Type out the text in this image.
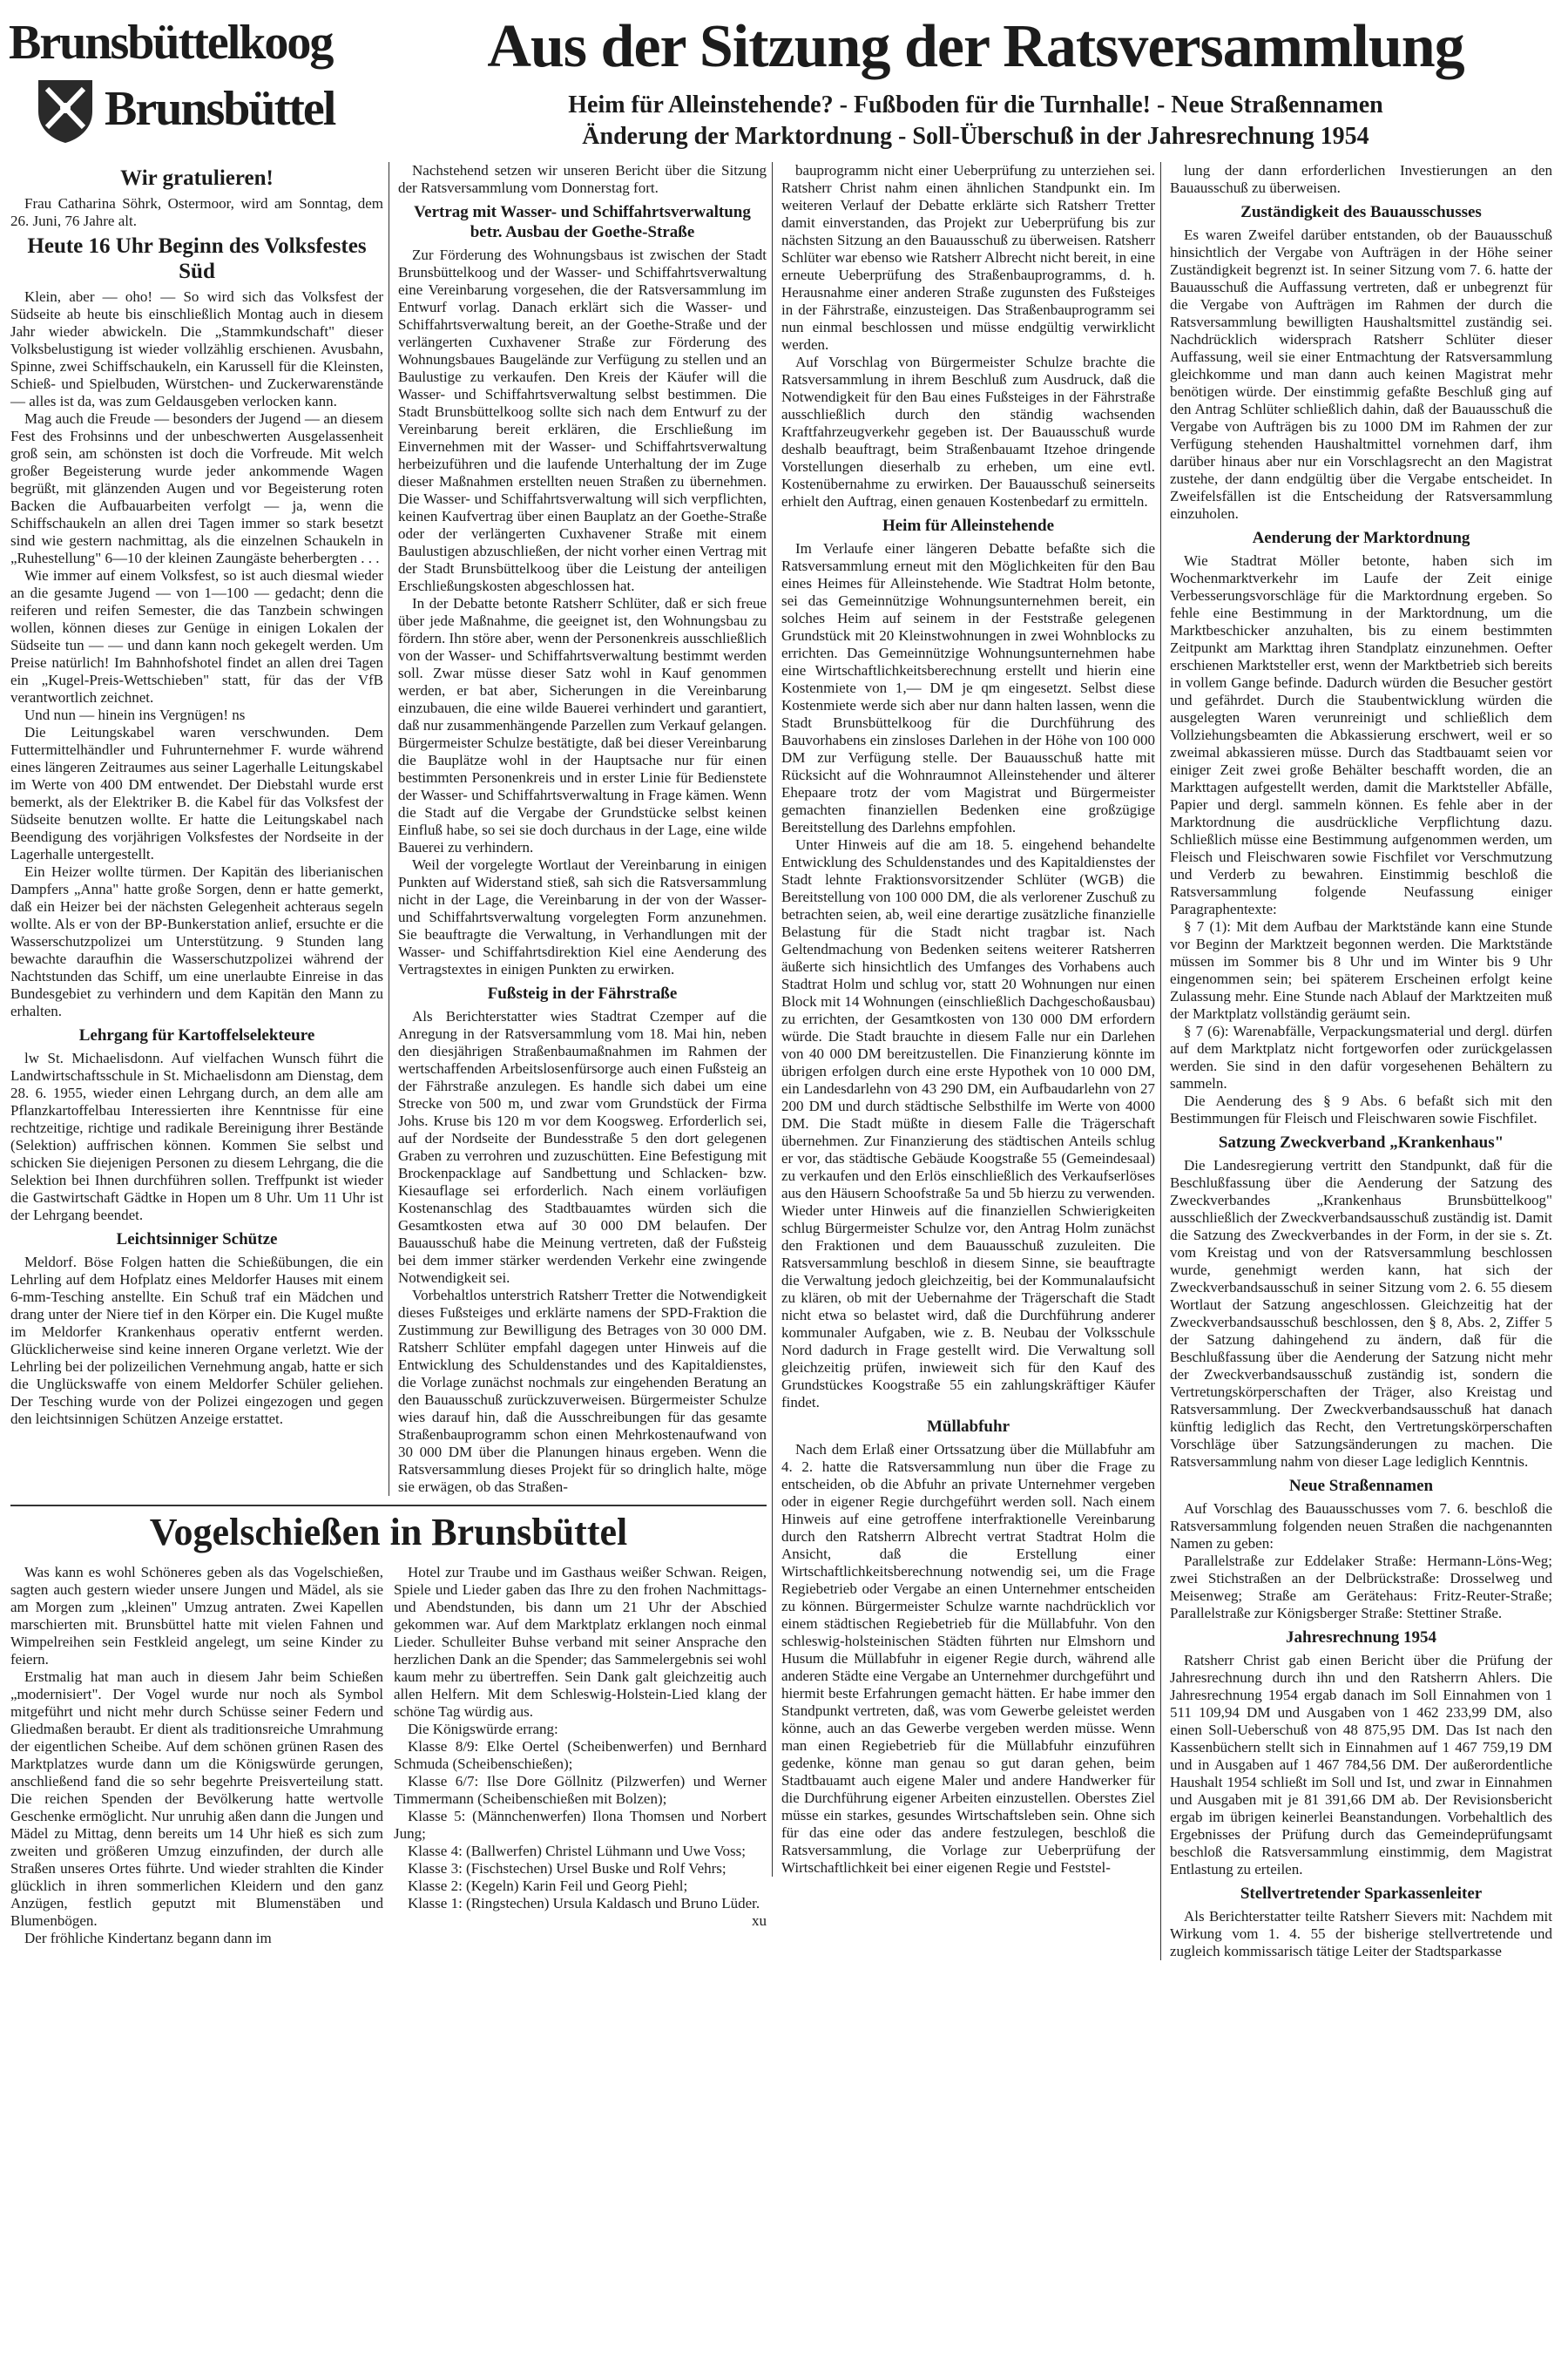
Brunsbüttelkoog
Brunsbüttel
Aus der Sitzung der Ratsversammlung
Heim für Alleinstehende? - Fußboden für die Turnhalle! - Neue Straßennamen
Änderung der Marktordnung - Soll-Überschuß in der Jahresrechnung 1954
Wir gratulieren!

Frau Catharina Söhrk, Ostermoor, wird am Sonntag, dem 26. Juni, 76 Jahre alt.

Heute 16 Uhr Beginn des Volksfestes Süd

Klein, aber — oho! — So wird sich das Volksfest der Südseite ab heute bis einschließlich Montag auch in diesem Jahr wieder abwickeln. Die „Stammkundschaft" dieser Volksbelustigung ist wieder vollzählig erschienen. Avusbahn, Spinne, zwei Schiffschaukeln, ein Karussell für die Kleinsten, Schieß- und Spielbuden, Würstchen- und Zuckerwarenstände — alles ist da, was zum Geldausgeben verlocken kann.

Mag auch die Freude — besonders der Jugend — an diesem Fest des Frohsinns und der unbeschwerten Ausgelassenheit groß sein, am schönsten ist doch die Vorfreude. Mit welch großer Begeisterung wurde jeder ankommende Wagen begrüßt, mit glänzenden Augen und vor Begeisterung roten Backen die Aufbauarbeiten verfolgt — ja, wenn die Schiffschaukeln an allen drei Tagen immer so stark besetzt sind wie gestern nachmittag, als die einzelnen Schaukeln in „Ruhestellung" 6—10 der kleinen Zaungäste beherbergten . . .

Wie immer auf einem Volksfest, so ist auch diesmal wieder an die gesamte Jugend — von 1—100 — gedacht; denn die reiferen und reifen Semester, die das Tanzbein schwingen wollen, können dieses zur Genüge in einigen Lokalen der Südseite tun — — und dann kann noch gekegelt werden. Um Preise natürlich! Im Bahnhofshotel findet an allen drei Tagen ein „Kugel-Preis-Wettschieben" statt, für das der VfB verantwortlich zeichnet.

Und nun — hinein ins Vergnügen! ns

Die Leitungskabel waren verschwunden. Dem Futtermittelhändler und Fuhrunternehmer F. wurde während eines längeren Zeitraumes aus seiner Lagerhalle Leitungskabel im Werte von 400 DM entwendet. Der Diebstahl wurde erst bemerkt, als der Elektriker B. die Kabel für das Volksfest der Südseite benutzen wollte. Er hatte die Leitungskabel nach Beendigung des vorjährigen Volksfestes der Nordseite in der Lagerhalle untergestellt.

Ein Heizer wollte türmen. Der Kapitän des liberianischen Dampfers „Anna" hatte große Sorgen, denn er hatte gemerkt, daß ein Heizer bei der nächsten Gelegenheit achteraus segeln wollte. Als er von der BP-Bunkerstation anlief, ersuchte er die Wasserschutzpolizei um Unterstützung. 9 Stunden lang bewachte daraufhin die Wasserschutzpolizei während der Nachtstunden das Schiff, um eine unerlaubte Einreise in das Bundesgebiet zu verhindern und dem Kapitän den Mann zu erhalten.

Lehrgang für Kartoffelselekteure

lw St. Michaelisdonn. Auf vielfachen Wunsch führt die Landwirtschaftsschule in St. Michaelisdonn am Dienstag, dem 28. 6. 1955, wieder einen Lehrgang durch, an dem alle am Pflanzkartoffelbau Interessierten ihre Kenntnisse für eine rechtzeitige, richtige und radikale Bereinigung ihrer Bestände (Selektion) auffrischen können. Kommen Sie selbst und schicken Sie diejenigen Personen zu diesem Lehrgang, die die Selektion bei Ihnen durchführen sollen. Treffpunkt ist wieder die Gastwirtschaft Gädtke in Hopen um 8 Uhr. Um 11 Uhr ist der Lehrgang beendet.

Leichtsinniger Schütze

Meldorf. Böse Folgen hatten die Schießübungen, die ein Lehrling auf dem Hofplatz eines Meldorfer Hauses mit einem 6-mm-Tesching anstellte. Ein Schuß traf ein Mädchen und drang unter der Niere tief in den Körper ein. Die Kugel mußte im Meldorfer Krankenhaus operativ entfernt werden. Glücklicherweise sind keine inneren Organe verletzt. Wie der Lehrling bei der polizeilichen Vernehmung angab, hatte er sich die Unglückswaffe von einem Meldorfer Schüler geliehen. Der Tesching wurde von der Polizei eingezogen und gegen den leichtsinnigen Schützen Anzeige erstattet.

Nachstehend setzen wir unseren Bericht über die Sitzung der Ratsversammlung vom Donnerstag fort.

Vertrag mit Wasser- und Schiffahrtsverwaltung betr. Ausbau der Goethe-Straße

Zur Förderung des Wohnungsbaus ist zwischen der Stadt Brunsbüttelkoog und der Wasser- und Schiffahrtsverwaltung eine Vereinbarung vorgesehen, die der Ratsversammlung im Entwurf vorlag. Danach erklärt sich die Wasser- und Schiffahrtsverwaltung bereit, an der Goethe-Straße und der verlängerten Cuxhavener Straße zur Förderung des Wohnungsbaues Baugelände zur Verfügung zu stellen und an Baulustige zu verkaufen. Den Kreis der Käufer will die Wasser- und Schiffahrtsverwaltung selbst bestimmen. Die Stadt Brunsbüttelkoog sollte sich nach dem Entwurf zu der Vereinbarung bereit erklären, die Erschließung im Einvernehmen mit der Wasser- und Schiffahrtsverwaltung herbeizuführen und die laufende Unterhaltung der im Zuge dieser Maßnahmen erstellten neuen Straßen zu übernehmen. Die Wasser- und Schiffahrtsverwaltung will sich verpflichten, keinen Kaufvertrag über einen Bauplatz an der Goethe-Straße oder der verlängerten Cuxhavener Straße mit einem Baulustigen abzuschließen, der nicht vorher einen Vertrag mit der Stadt Brunsbüttelkoog über die Leistung der anteiligen Erschließungskosten abgeschlossen hat.

In der Debatte betonte Ratsherr Schlüter, daß er sich freue über jede Maßnahme, die geeignet ist, den Wohnungsbau zu fördern. Ihn störe aber, wenn der Personenkreis ausschließlich von der Wasser- und Schiffahrtsverwaltung bestimmt werden soll. Zwar müsse dieser Satz wohl in Kauf genommen werden, er bat aber, Sicherungen in die Vereinbarung einzubauen, die eine wilde Bauerei verhindert und garantiert, daß nur zusammenhängende Parzellen zum Verkauf gelangen. Bürgermeister Schulze bestätigte, daß bei dieser Vereinbarung die Bauplätze wohl in der Hauptsache nur für einen bestimmten Personenkreis und in erster Linie für Bedienstete der Wasser- und Schiffahrtsverwaltung in Frage kämen. Wenn die Stadt auf die Vergabe der Grundstücke selbst keinen Einfluß habe, so sei sie doch durchaus in der Lage, eine wilde Bauerei zu verhindern.

Weil der vorgelegte Wortlaut der Vereinbarung in einigen Punkten auf Widerstand stieß, sah sich die Ratsversammlung nicht in der Lage, die Vereinbarung in der von der Wasser- und Schiffahrtsverwaltung vorgelegten Form anzunehmen. Sie beauftragte die Verwaltung, in Verhandlungen mit der Wasser- und Schiffahrtsdirektion Kiel eine Aenderung des Vertragstextes in einigen Punkten zu erwirken.

Fußsteig in der Fährstraße

Als Berichterstatter wies Stadtrat Czemper auf die Anregung in der Ratsversammlung vom 18. Mai hin, neben den diesjährigen Straßenbaumaßnahmen im Rahmen der wertschaffenden Arbeitslosenfürsorge auch einen Fußsteig an der Fährstraße anzulegen. Es handle sich dabei um eine Strecke von 500 m, und zwar vom Grundstück der Firma Johs. Kruse bis 120 m vor dem Koogsweg. Erforderlich sei, auf der Nordseite der Bundesstraße 5 den dort gelegenen Graben zu verrohren und zuzuschütten. Eine Befestigung mit Brockenpacklage auf Sandbettung und Schlacken- bzw. Kiesauflage sei erforderlich. Nach einem vorläufigen Kostenanschlag des Stadtbauamtes würden sich die Gesamtkosten etwa auf 30 000 DM belaufen. Der Bauausschuß habe die Meinung vertreten, daß der Fußsteig bei dem immer stärker werdenden Verkehr eine zwingende Notwendigkeit sei.

Vorbehaltlos unterstrich Ratsherr Tretter die Notwendigkeit dieses Fußsteiges und erklärte namens der SPD-Fraktion die Zustimmung zur Bewilligung des Betrages von 30 000 DM. Ratsherr Schlüter empfahl dagegen unter Hinweis auf die Entwicklung des Schuldenstandes und des Kapitaldienstes, die Vorlage zunächst nochmals zur eingehenden Beratung an den Bauausschuß zurückzuverweisen. Bürgermeister Schulze wies darauf hin, daß die Ausschreibungen für das gesamte Straßenbauprogramm schon einen Mehrkostenaufwand von 30 000 DM über die Planungen hinaus ergeben. Wenn die Ratsversammlung dieses Projekt für so dringlich halte, möge sie erwägen, ob das Straßen-

Vogelschießen in Brunsbüttel

Was kann es wohl Schöneres geben als das Vogelschießen, sagten auch gestern wieder unsere Jungen und Mädel, als sie am Morgen zum „kleinen" Umzug antraten. Zwei Kapellen marschierten mit. Brunsbüttel hatte mit vielen Fahnen und Wimpelreihen sein Festkleid angelegt, um seine Kinder zu feiern.

Erstmalig hat man auch in diesem Jahr beim Schießen „modernisiert". Der Vogel wurde nur noch als Symbol mitgeführt und nicht mehr durch Schüsse seiner Federn und Gliedmaßen beraubt. Er dient als traditionsreiche Umrahmung der eigentlichen Scheibe. Auf dem schönen grünen Rasen des Marktplatzes wurde dann um die Königswürde gerungen, anschließend fand die so sehr begehrte Preisverteilung statt. Die reichen Spenden der Bevölkerung hatte wertvolle Geschenke ermöglicht. Nur unruhig aßen dann die Jungen und Mädel zu Mittag, denn bereits um 14 Uhr hieß es sich zum zweiten und größeren Umzug einzufinden, der durch alle Straßen unseres Ortes führte. Und wieder strahlten die Kinder glücklich in ihren sommerlichen Kleidern und den ganz Anzügen, festlich geputzt mit Blumenstäben und Blumenbögen.

Der fröhliche Kindertanz begann dann im

Hotel zur Traube und im Gasthaus weißer Schwan. Reigen, Spiele und Lieder gaben das Ihre zu den frohen Nachmittags- und Abendstunden, bis dann um 21 Uhr der Abschied gekommen war. Auf dem Marktplatz erklangen noch einmal Lieder. Schulleiter Buhse verband mit seiner Ansprache den herzlichen Dank an die Spender; das Sammelergebnis sei wohl kaum mehr zu übertreffen. Sein Dank galt gleichzeitig auch allen Helfern. Mit dem Schleswig-Holstein-Lied klang der schöne Tag würdig aus.

Die Königswürde errang:

Klasse 8/9: Elke Oertel (Scheibenwerfen) und Bernhard Schmuda (Scheibenschießen);

Klasse 6/7: Ilse Dore Göllnitz (Pilzwerfen) und Werner Timmermann (Scheibenschießen mit Bolzen);

Klasse 5: (Männchenwerfen) Ilona Thomsen und Norbert Jung;

Klasse 4: (Ballwerfen) Christel Lühmann und Uwe Voss;

Klasse 3: (Fischstechen) Ursel Buske und Rolf Vehrs;

Klasse 2: (Kegeln) Karin Feil und Georg Piehl;

Klasse 1: (Ringstechen) Ursula Kaldasch und Bruno Lüder.

xu

bauprogramm nicht einer Ueberprüfung zu unterziehen sei. Ratsherr Christ nahm einen ähnlichen Standpunkt ein. Im weiteren Verlauf der Debatte erklärte sich Ratsherr Tretter damit einverstanden, das Projekt zur Ueberprüfung bis zur nächsten Sitzung an den Bauausschuß zu überweisen. Ratsherr Schlüter war ebenso wie Ratsherr Albrecht nicht bereit, in eine erneute Ueberprüfung des Straßenbauprogramms, d. h. Herausnahme einer anderen Straße zugunsten des Fußsteiges in der Fährstraße, einzusteigen. Das Straßenbauprogramm sei nun einmal beschlossen und müsse endgültig verwirklicht werden.

Auf Vorschlag von Bürgermeister Schulze brachte die Ratsversammlung in ihrem Beschluß zum Ausdruck, daß die Notwendigkeit für den Bau eines Fußsteiges in der Fährstraße ausschließlich durch den ständig wachsenden Kraftfahrzeugverkehr gegeben ist. Der Bauausschuß wurde deshalb beauftragt, beim Straßenbauamt Itzehoe dringende Vorstellungen dieserhalb zu erheben, um eine evtl. Kostenübernahme zu erwirken. Der Bauausschuß seinerseits erhielt den Auftrag, einen genauen Kostenbedarf zu ermitteln.

Heim für Alleinstehende

Im Verlaufe einer längeren Debatte befaßte sich die Ratsversammlung erneut mit den Möglichkeiten für den Bau eines Heimes für Alleinstehende. Wie Stadtrat Holm betonte, sei das Gemeinnützige Wohnungsunternehmen bereit, ein solches Heim auf seinem in der Feststraße gelegenen Grundstück mit 20 Kleinstwohnungen in zwei Wohnblocks zu errichten. Das Gemeinnützige Wohnungsunternehmen habe eine Wirtschaftlichkeitsberechnung erstellt und hierin eine Kostenmiete von 1,— DM je qm eingesetzt. Selbst diese Kostenmiete werde sich aber nur dann halten lassen, wenn die Stadt Brunsbüttelkoog für die Durchführung des Bauvorhabens ein zinsloses Darlehen in der Höhe von 100 000 DM zur Verfügung stelle. Der Bauausschuß hatte mit Rücksicht auf die Wohnraumnot Alleinstehender und älterer Ehepaare trotz der vom Magistrat und Bürgermeister gemachten finanziellen Bedenken eine großzügige Bereitstellung des Darlehns empfohlen.

Unter Hinweis auf die am 18. 5. eingehend behandelte Entwicklung des Schuldenstandes und des Kapitaldienstes der Stadt lehnte Fraktionsvorsitzender Schlüter (WGB) die Bereitstellung von 100 000 DM, die als verlorener Zuschuß zu betrachten seien, ab, weil eine derartige zusätzliche finanzielle Belastung für die Stadt nicht tragbar ist. Nach Geltendmachung von Bedenken seitens weiterer Ratsherren äußerte sich hinsichtlich des Umfanges des Vorhabens auch Stadtrat Holm und schlug vor, statt 20 Wohnungen nur einen Block mit 14 Wohnungen (einschließlich Dachgeschoßausbau) zu errichten, der Gesamtkosten von 130 000 DM erfordern würde. Die Stadt brauchte in diesem Falle nur ein Darlehen von 40 000 DM bereitzustellen. Die Finanzierung könnte im übrigen erfolgen durch eine erste Hypothek von 10 000 DM, ein Landesdarlehn von 43 290 DM, ein Aufbaudarlehn von 27 200 DM und durch städtische Selbsthilfe im Werte von 4000 DM. Die Stadt müßte in diesem Falle die Trägerschaft übernehmen. Zur Finanzierung des städtischen Anteils schlug er vor, das städtische Gebäude Koogstraße 55 (Gemeindesaal) zu verkaufen und den Erlös einschließlich des Verkaufserlöses aus den Häusern Schoofstraße 5a und 5b hierzu zu verwenden. Wieder unter Hinweis auf die finanziellen Schwierigkeiten schlug Bürgermeister Schulze vor, den Antrag Holm zunächst den Fraktionen und dem Bauausschuß zuzuleiten. Die Ratsversammlung beschloß in diesem Sinne, sie beauftragte die Verwaltung jedoch gleichzeitig, bei der Kommunalaufsicht zu klären, ob mit der Uebernahme der Trägerschaft die Stadt nicht etwa so belastet wird, daß die Durchführung anderer kommunaler Aufgaben, wie z. B. Neubau der Volksschule Nord dadurch in Frage gestellt wird. Die Verwaltung soll gleichzeitig prüfen, inwieweit sich für den Kauf des Grundstückes Koogstraße 55 ein zahlungskräftiger Käufer findet.

Müllabfuhr

Nach dem Erlaß einer Ortssatzung über die Müllabfuhr am 4. 2. hatte die Ratsversammlung nun über die Frage zu entscheiden, ob die Abfuhr an private Unternehmer vergeben oder in eigener Regie durchgeführt werden soll. Nach einem Hinweis auf eine getroffene interfraktionelle Vereinbarung durch den Ratsherrn Albrecht vertrat Stadtrat Holm die Ansicht, daß die Erstellung einer Wirtschaftlichkeitsberechnung notwendig sei, um die Frage Regiebetrieb oder Vergabe an einen Unternehmer entscheiden zu können. Bürgermeister Schulze warnte nachdrücklich vor einem städtischen Regiebetrieb für die Müllabfuhr. Von den schleswig-holsteinischen Städten führten nur Elmshorn und Husum die Müllabfuhr in eigener Regie durch, während alle anderen Städte eine Vergabe an Unternehmer durchgeführt und hiermit beste Erfahrungen gemacht hätten. Er habe immer den Standpunkt vertreten, daß, was vom Gewerbe geleistet werden könne, auch an das Gewerbe vergeben werden müsse. Wenn man einen Regiebetrieb für die Müllabfuhr einzuführen gedenke, könne man genau so gut daran gehen, beim Stadtbauamt auch eigene Maler und andere Handwerker für die Durchführung eigener Arbeiten einzustellen. Oberstes Ziel müsse ein starkes, gesundes Wirtschaftsleben sein. Ohne sich für das eine oder das andere festzulegen, beschloß die Ratsversammlung, die Vorlage zur Ueberprüfung der Wirtschaftlichkeit bei einer eigenen Regie und Feststel-

lung der dann erforderlichen Investierungen an den Bauausschuß zu überweisen.

Zuständigkeit des Bauausschusses

Es waren Zweifel darüber entstanden, ob der Bauausschuß hinsichtlich der Vergabe von Aufträgen in der Höhe seiner Zuständigkeit begrenzt ist. In seiner Sitzung vom 7. 6. hatte der Bauausschuß die Auffassung vertreten, daß er unbegrenzt für die Vergabe von Aufträgen im Rahmen der durch die Ratsversammlung bewilligten Haushaltsmittel zuständig sei. Nachdrücklich widersprach Ratsherr Schlüter dieser Auffassung, weil sie einer Entmachtung der Ratsversammlung gleichkomme und man dann auch keinen Magistrat mehr benötigen würde. Der einstimmig gefaßte Beschluß ging auf den Antrag Schlüter schließlich dahin, daß der Bauausschuß die Vergabe von Aufträgen bis zu 1000 DM im Rahmen der zur Verfügung stehenden Haushaltmittel vornehmen darf, ihm darüber hinaus aber nur ein Vorschlagsrecht an den Magistrat zustehe, der dann endgültig über die Vergabe entscheidet. In Zweifelsfällen ist die Entscheidung der Ratsversammlung einzuholen.

Aenderung der Marktordnung

Wie Stadtrat Möller betonte, haben sich im Wochenmarktverkehr im Laufe der Zeit einige Verbesserungsvorschläge für die Marktordnung ergeben. So fehle eine Bestimmung in der Marktordnung, um die Marktbeschicker anzuhalten, bis zu einem bestimmten Zeitpunkt am Markttag ihren Standplatz einzunehmen. Oefter erschienen Marktsteller erst, wenn der Marktbetrieb sich bereits in vollem Gange befinde. Dadurch würden die Besucher gestört und gefährdet. Durch die Staubentwicklung würden die ausgelegten Waren verunreinigt und schließlich dem Vollziehungsbeamten die Abkassierung erschwert, weil er so zweimal abkassieren müsse. Durch das Stadtbauamt seien vor einiger Zeit zwei große Behälter beschafft worden, die an Markttagen aufgestellt werden, damit die Marktsteller Abfälle, Papier und dergl. sammeln können. Es fehle aber in der Marktordnung die ausdrückliche Verpflichtung dazu. Schließlich müsse eine Bestimmung aufgenommen werden, um Fleisch und Fleischwaren sowie Fischfilet vor Verschmutzung und Verderb zu bewahren. Einstimmig beschloß die Ratsversammlung folgende Neufassung einiger Paragraphentexte:

§ 7 (1): Mit dem Aufbau der Marktstände kann eine Stunde vor Beginn der Marktzeit begonnen werden. Die Marktstände müssen im Sommer bis 8 Uhr und im Winter bis 9 Uhr eingenommen sein; bei späterem Erscheinen erfolgt keine Zulassung mehr. Eine Stunde nach Ablauf der Marktzeiten muß der Marktplatz vollständig geräumt sein.

§ 7 (6): Warenabfälle, Verpackungsmaterial und dergl. dürfen auf dem Marktplatz nicht fortgeworfen oder zurückgelassen werden. Sie sind in den dafür vorgesehenen Behältern zu sammeln.

Die Aenderung des § 9 Abs. 6 befaßt sich mit den Bestimmungen für Fleisch und Fleischwaren sowie Fischfilet.

Satzung Zweckverband „Krankenhaus"

Die Landesregierung vertritt den Standpunkt, daß für die Beschlußfassung über die Aenderung der Satzung des Zweckverbandes „Krankenhaus Brunsbüttelkoog" ausschließlich der Zweckverbandsausschuß zuständig ist. Damit die Satzung des Zweckverbandes in der Form, in der sie s. Zt. vom Kreistag und von der Ratsversammlung beschlossen wurde, genehmigt werden kann, hat sich der Zweckverbandsausschuß in seiner Sitzung vom 2. 6. 55 diesem Wortlaut der Satzung angeschlossen. Gleichzeitig hat der Zweckverbandsausschuß beschlossen, den § 8, Abs. 2, Ziffer 5 der Satzung dahingehend zu ändern, daß für die Beschlußfassung über die Aenderung der Satzung nicht mehr der Zweckverbandsausschuß zuständig ist, sondern die Vertretungskörperschaften der Träger, also Kreistag und Ratsversammlung. Der Zweckverbandsausschuß hat danach künftig lediglich das Recht, den Vertretungskörperschaften Vorschläge über Satzungsänderungen zu machen. Die Ratsversammlung nahm von dieser Lage lediglich Kenntnis.

Neue Straßennamen

Auf Vorschlag des Bauausschusses vom 7. 6. beschloß die Ratsversammlung folgenden neuen Straßen die nachgenannten Namen zu geben:

Parallelstraße zur Eddelaker Straße: Hermann-Löns-Weg; zwei Stichstraßen an der Delbrückstraße: Drosselweg und Meisenweg; Straße am Gerätehaus: Fritz-Reuter-Straße; Parallelstraße zur Königsberger Straße: Stettiner Straße.

Jahresrechnung 1954

Ratsherr Christ gab einen Bericht über die Prüfung der Jahresrechnung durch ihn und den Ratsherrn Ahlers. Die Jahresrechnung 1954 ergab danach im Soll Einnahmen von 1 511 109,94 DM und Ausgaben von 1 462 233,99 DM, also einen Soll-Ueberschuß von 48 875,95 DM. Das Ist nach den Kassenbüchern stellt sich in Einnahmen auf 1 467 759,19 DM und in Ausgaben auf 1 467 784,56 DM. Der außerordentliche Haushalt 1954 schließt im Soll und Ist, und zwar in Einnahmen und Ausgaben mit je 81 391,66 DM ab. Der Revisionsbericht ergab im übrigen keinerlei Beanstandungen. Vorbehaltlich des Ergebnisses der Prüfung durch das Gemeindeprüfungsamt beschloß die Ratsversammlung einstimmig, dem Magistrat Entlastung zu erteilen.

Stellvertretender Sparkassenleiter

Als Berichterstatter teilte Ratsherr Sievers mit: Nachdem mit Wirkung vom 1. 4. 55 der bisherige stellvertretende und zugleich kommissarisch tätige Leiter der Stadtsparkasse
